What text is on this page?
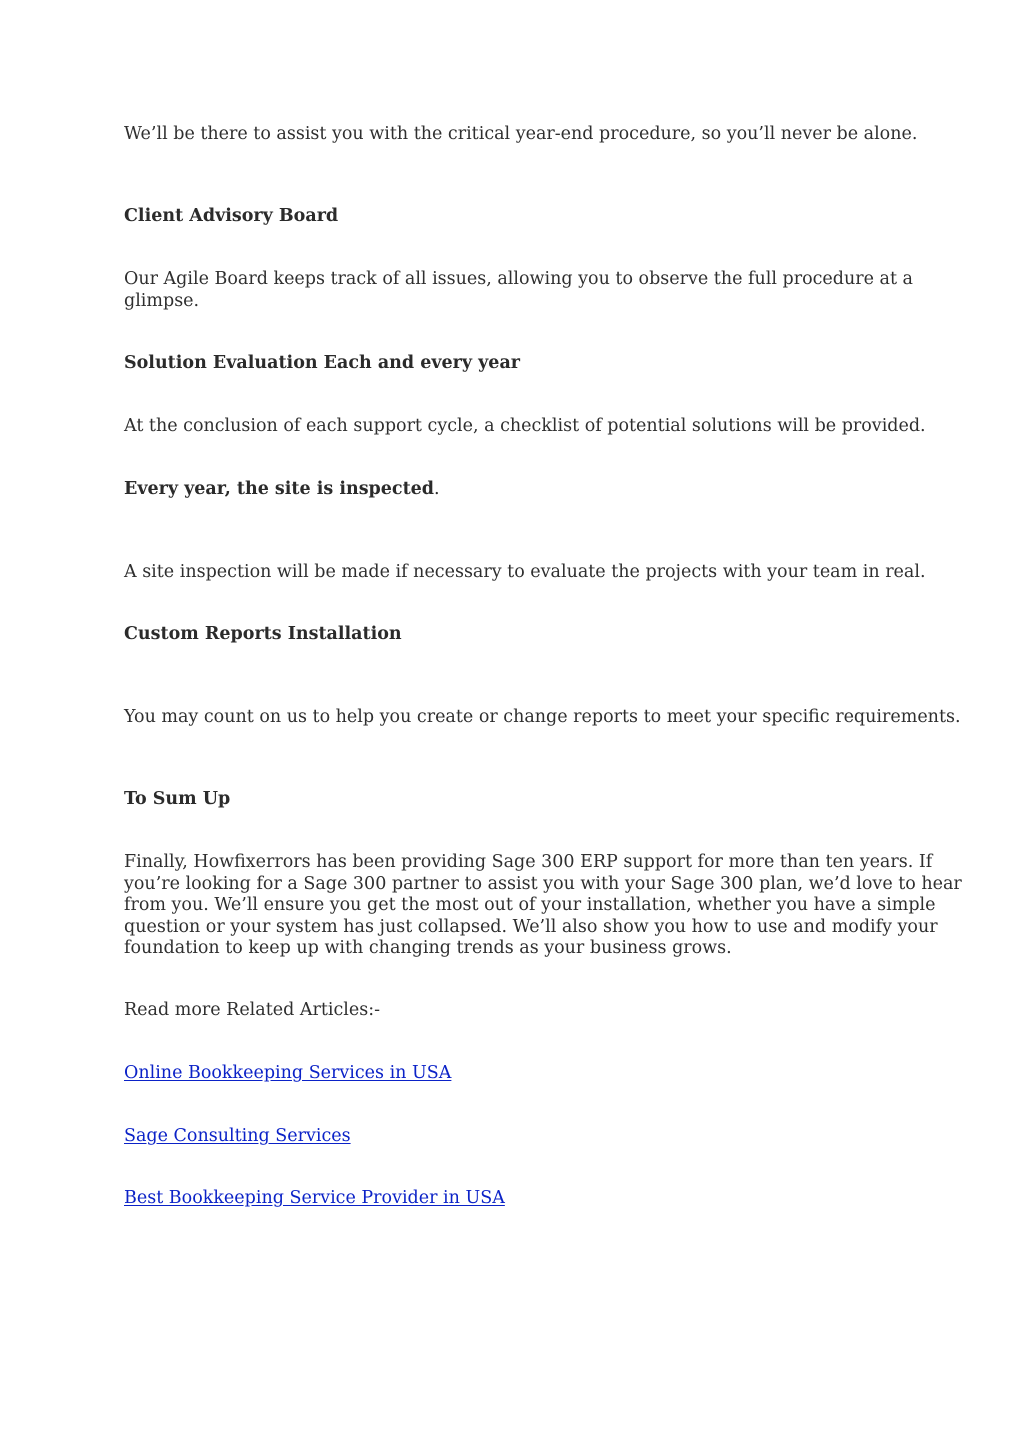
We’ll be there to assist you with the critical year-end procedure, so you’ll never be alone.

Client Advisory Board

Our Agile Board keeps track of all issues, allowing you to observe the full procedure at a
glimpse.

Solution Evaluation Each and every year

At the conclusion of each support cycle, a checklist of potential solutions will be provided.

Every year, the site is inspected.

A site inspection will be made if necessary to evaluate the projects with your team in real.

Custom Reports Installation

You may count on us to help you create or change reports to meet your specific requirements.

To Sum Up

Finally, Howfixerrors has been providing Sage 300 ERP support for more than ten years. If
you’re looking for a Sage 300 partner to assist you with your Sage 300 plan, we’d love to hear
from you. We’ll ensure you get the most out of your installation, whether you have a simple
question or your system has just collapsed. We’ll also show you how to use and modify your
foundation to keep up with changing trends as your business grows.

Read more Related Articles:-

Online Bookkeeping Services in USA
Sage Consulting Services
Best Bookkeeping Service Provider in USA
